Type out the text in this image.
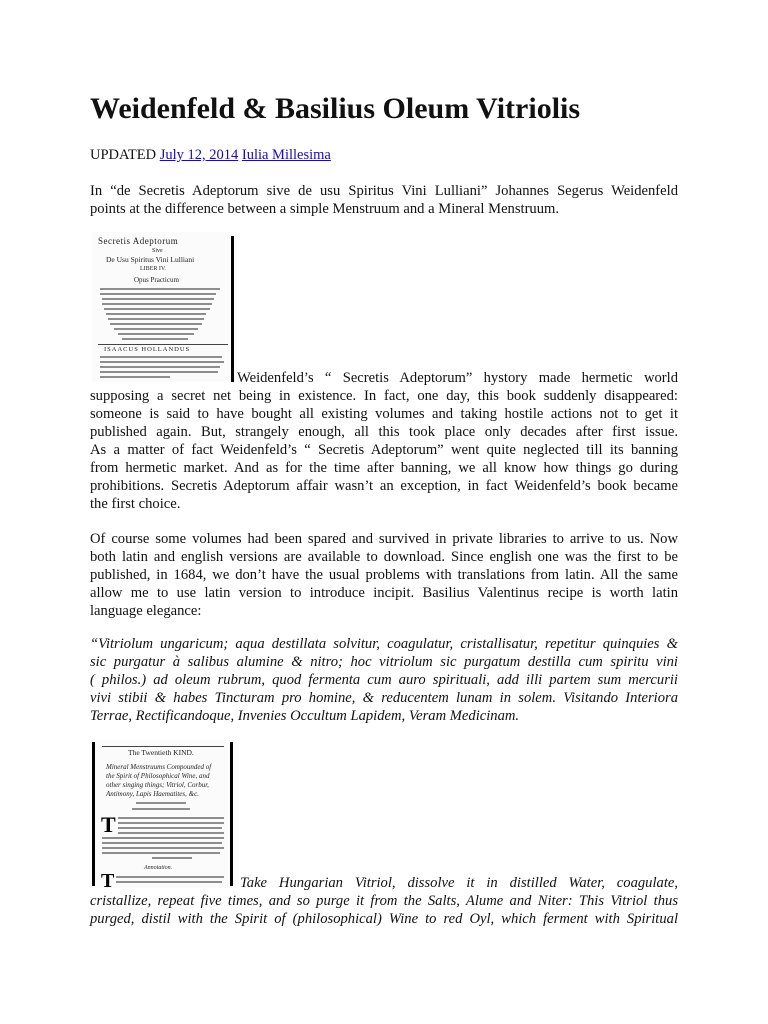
Weidenfeld & Basilius Oleum Vitriolis
UPDATED July 12, 2014 Iulia Millesima
In “de Secretis Adeptorum sive de usu Spiritus Vini Lulliani” Johannes Segerus Weidenfeld
points at the difference between a simple Menstruum and a Mineral Menstruum.
Secretis Adeptorum
Sive
De Usu Spiritus Vini Lulliani
LIBER IV.
Opus Practicum
ISAACUS HOLLANDUS
Weidenfeld’s “ Secretis Adeptorum” hystory made hermetic world
supposing a secret net being in existence. In fact, one day, this book suddenly disappeared:
someone is said to have bought all existing volumes and taking hostile actions not to get it
published again. But, strangely enough, all this took place only decades after first issue.
As a matter of fact Weidenfeld’s “ Secretis Adeptorum” went quite neglected till its banning
from hermetic market. And as for the time after banning, we all know how things go during
prohibitions. Secretis Adeptorum affair wasn’t an exception, in fact Weidenfeld’s book became
the first choice.
Of course some volumes had been spared and survived in private libraries to arrive to us. Now
both latin and english versions are available to download. Since english one was the first to be
published, in 1684, we don’t have the usual problems with translations from latin. All the same
allow me to use latin version to introduce incipit. Basilius Valentinus recipe is worth latin
language elegance:
“Vitriolum ungaricum; aqua destillata solvitur, coagulatur, cristallisatur, repetitur quinquies &
sic purgatur à salibus alumine & nitro; hoc vitriolum sic purgatum destilla cum spiritu vini
( philos.) ad oleum rubrum, quod fermenta cum auro spirituali, add illi partem sum mercurii
vivi stibii & habes Tincturam pro homine, & reducentem lunam in solem. Visitando Interiora
Terrae, Rectificandoque, Invenies Occultum Lapidem, Veram Medicinam.
The Twentieth KIND.
Mineral Menstruums Compounded of
the Spirit of Philosophical Wine, and
other singing things; Vitriol, Corbur,
Antimony, Lapis Haematites, &c.
T
Annotation.
T	Take Hungarian Vitriol, dissolve it in distilled Water, coagulate,
cristallize, repeat five times, and so purge it from the Salts, Alume and Niter: This Vitriol thus
purged, distil with the Spirit of (philosophical) Wine to red Oyl, which ferment with Spiritual
